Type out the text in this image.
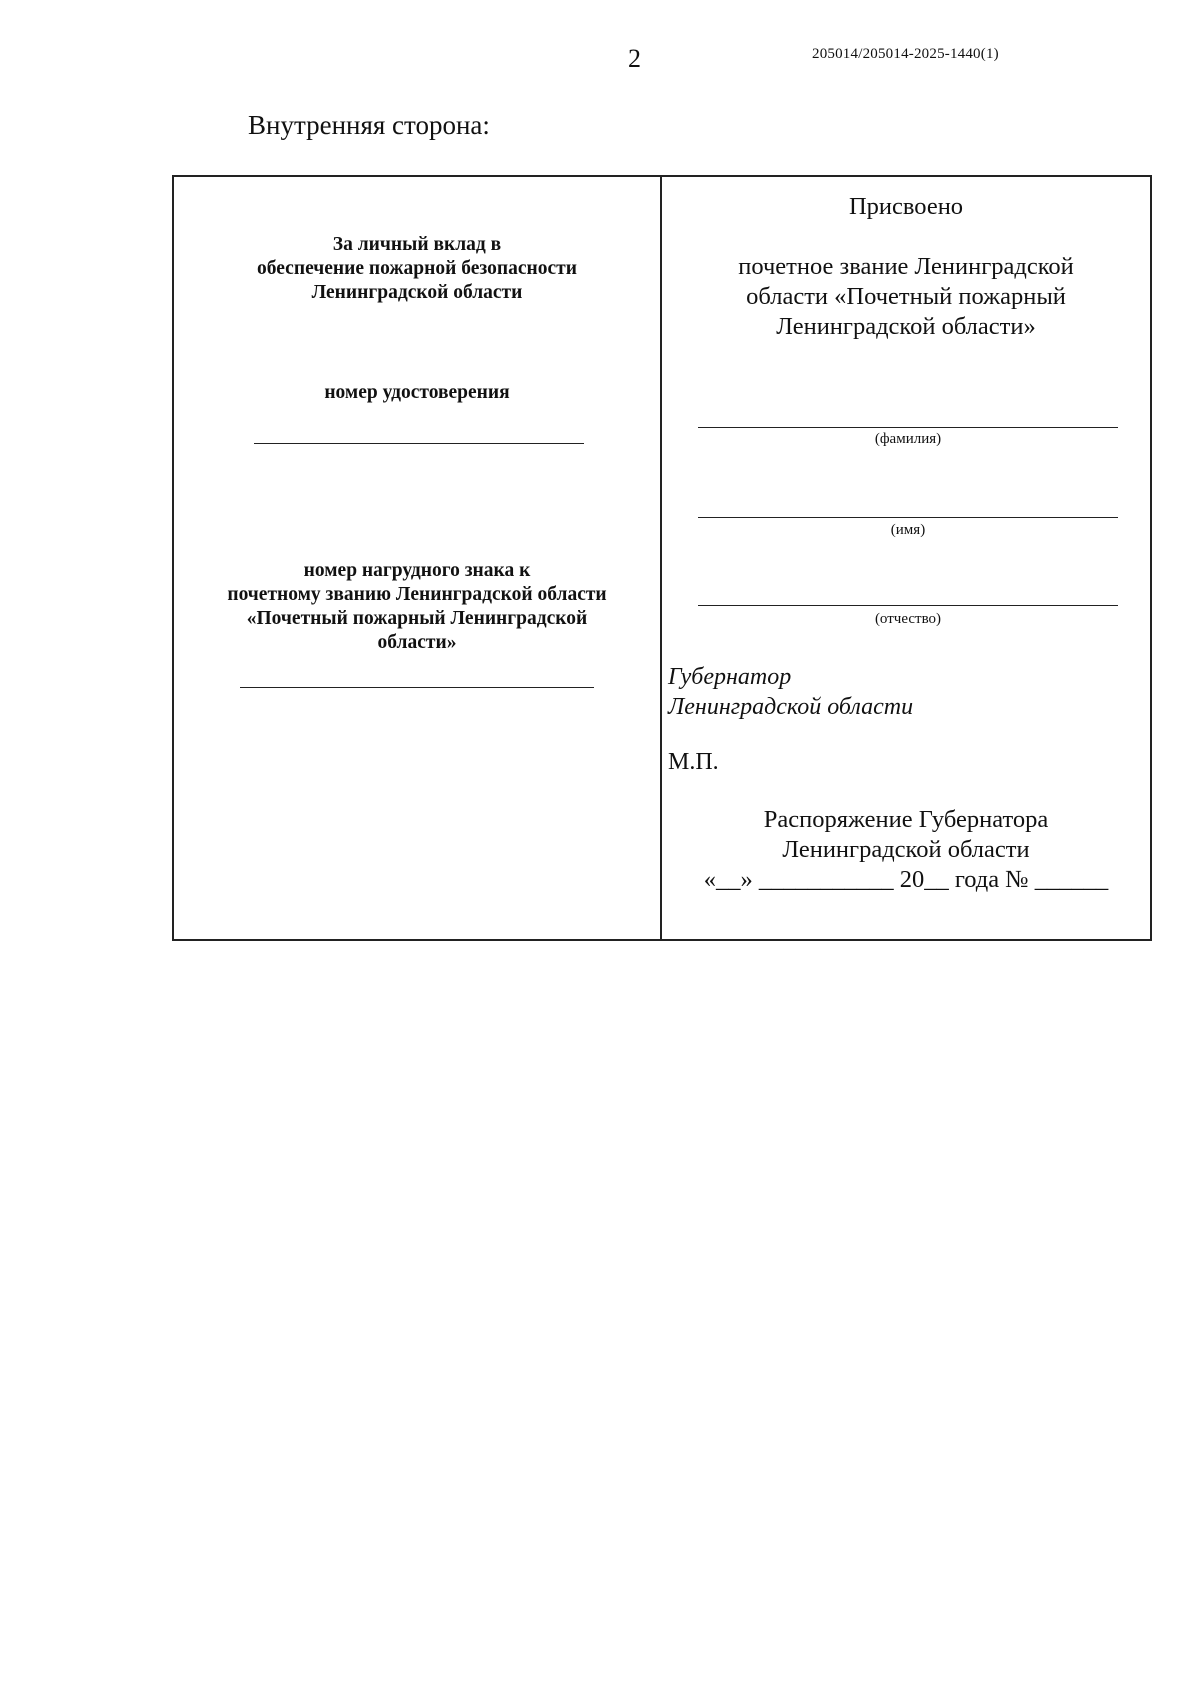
2	205014/205014-2025-1440(1)
Внутренняя сторона:
За личный вклад в
обеспечение пожарной безопасности
Ленинградской области
номер удостоверения
номер нагрудного знака к
почетному званию Ленинградской области
«Почетный пожарный Ленинградской
области»
Присвоено
почетное звание Ленинградской
области «Почетный пожарный
Ленинградской области»
(фамилия)
(имя)
(отчество)
Губернатор
Ленинградской области
М.П.
Распоряжение Губернатора
Ленинградской области
«__» ___________ 20__ года № ______
